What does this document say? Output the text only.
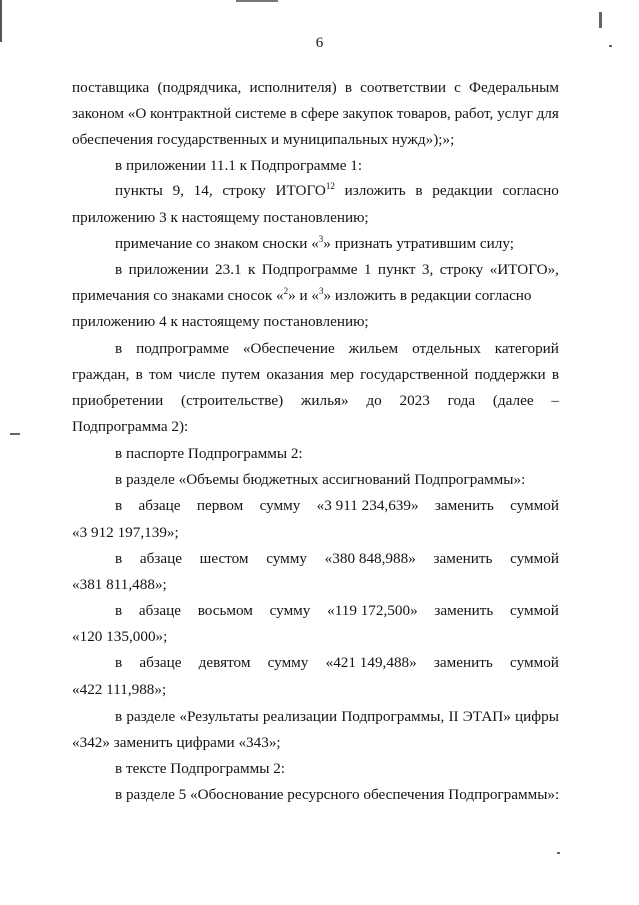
6
поставщика (подрядчика, исполнителя) в соответствии с Федеральным
законом «О контрактной системе в сфере закупок товаров, работ, услуг для
обеспечения государственных и муниципальных нужд»);»;
в приложении 11.1 к Подпрограмме 1:
пункты 9, 14, строку ИТОГО$^{12}$ изложить в редакции согласно
приложению 3 к настоящему постановлению;
примечание со знаком сноски «$^3$» признать утратившим силу;
в приложении 23.1 к Подпрограмме 1 пункт 3, строку «ИТОГО»,
примечания со знаками сносок «$^2$» и «$^3$» изложить в редакции согласно
приложению 4 к настоящему постановлению;
в подпрограмме «Обеспечение жильем отдельных категорий
граждан, в том числе путем оказания мер государственной поддержки в
приобретении (строительстве) жилья» до 2023 года (далее –
Подпрограмма 2):
в паспорте Подпрограммы 2:
в разделе «Объемы бюджетных ассигнований Подпрограммы»:
в абзаце первом сумму «3 911 234,639» заменить суммой
«3 912 197,139»;
в абзаце шестом сумму «380 848,988» заменить суммой
«381 811,488»;
в абзаце восьмом сумму «119 172,500» заменить суммой
«120 135,000»;
в абзаце девятом сумму «421 149,488» заменить суммой
«422 111,988»;
в разделе «Результаты реализации Подпрограммы, II ЭТАП» цифры
«342» заменить цифрами «343»;
в тексте Подпрограммы 2:
в разделе 5 «Обоснование ресурсного обеспечения Подпрограммы»:
